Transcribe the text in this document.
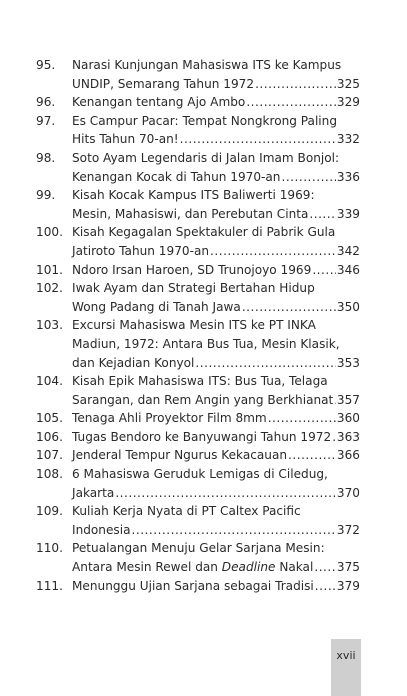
95.	Narasi Kunjungan Mahasiswa ITS ke Kampus
UNDIP, Semarang Tahun 1972 .....	325
96.	Kenangan tentang Ajo Ambo .....	329
97.	Es Campur Pacar: Tempat Nongkrong Paling
Hits Tahun 70-an! .....	332
98.	Soto Ayam Legendaris di Jalan Imam Bonjol:
Kenangan Kocak di Tahun 1970-an .....	336
99.	Kisah Kocak Kampus ITS Baliwerti 1969:
Mesin, Mahasiswi, dan Perebutan Cinta ..... 339
100. Kisah Kegagalan Spektakuler di Pabrik Gula
Jatiroto Tahun 1970-an .....	342
101. Ndoro Irsan Haroen, SD Trunojoyo 1969 ..... 346
102. Iwak Ayam dan Strategi Bertahan Hidup
Wong Padang di Tanah Jawa .....	350
103. Excursi Mahasiswa Mesin ITS ke PT INKA
Madiun, 1972: Antara Bus Tua, Mesin Klasik,
dan Kejadian Konyol .....	353
104. Kisah Epik Mahasiswa ITS: Bus Tua, Telaga
Sarangan, dan Rem Angin yang Berkhianat ..... 357
105. Tenaga Ahli Proyektor Film 8mm .....	360
106. Tugas Bendoro ke Banyuwangi Tahun 1972 ..... 363
107. Jenderal Tempur Ngurus Kekacauan .....	366
108. 6 Mahasiswa Geruduk Lemigas di Ciledug,
Jakarta .....	370
109. Kuliah Kerja Nyata di PT Caltex Pacific
Indonesia .....	372
110. Petualangan Menuju Gelar Sarjana Mesin:
Antara Mesin Rewel dan Deadline Nakal ..... 375
111. Menunggu Ujian Sarjana sebagai Tradisi ..... 379
xvii
